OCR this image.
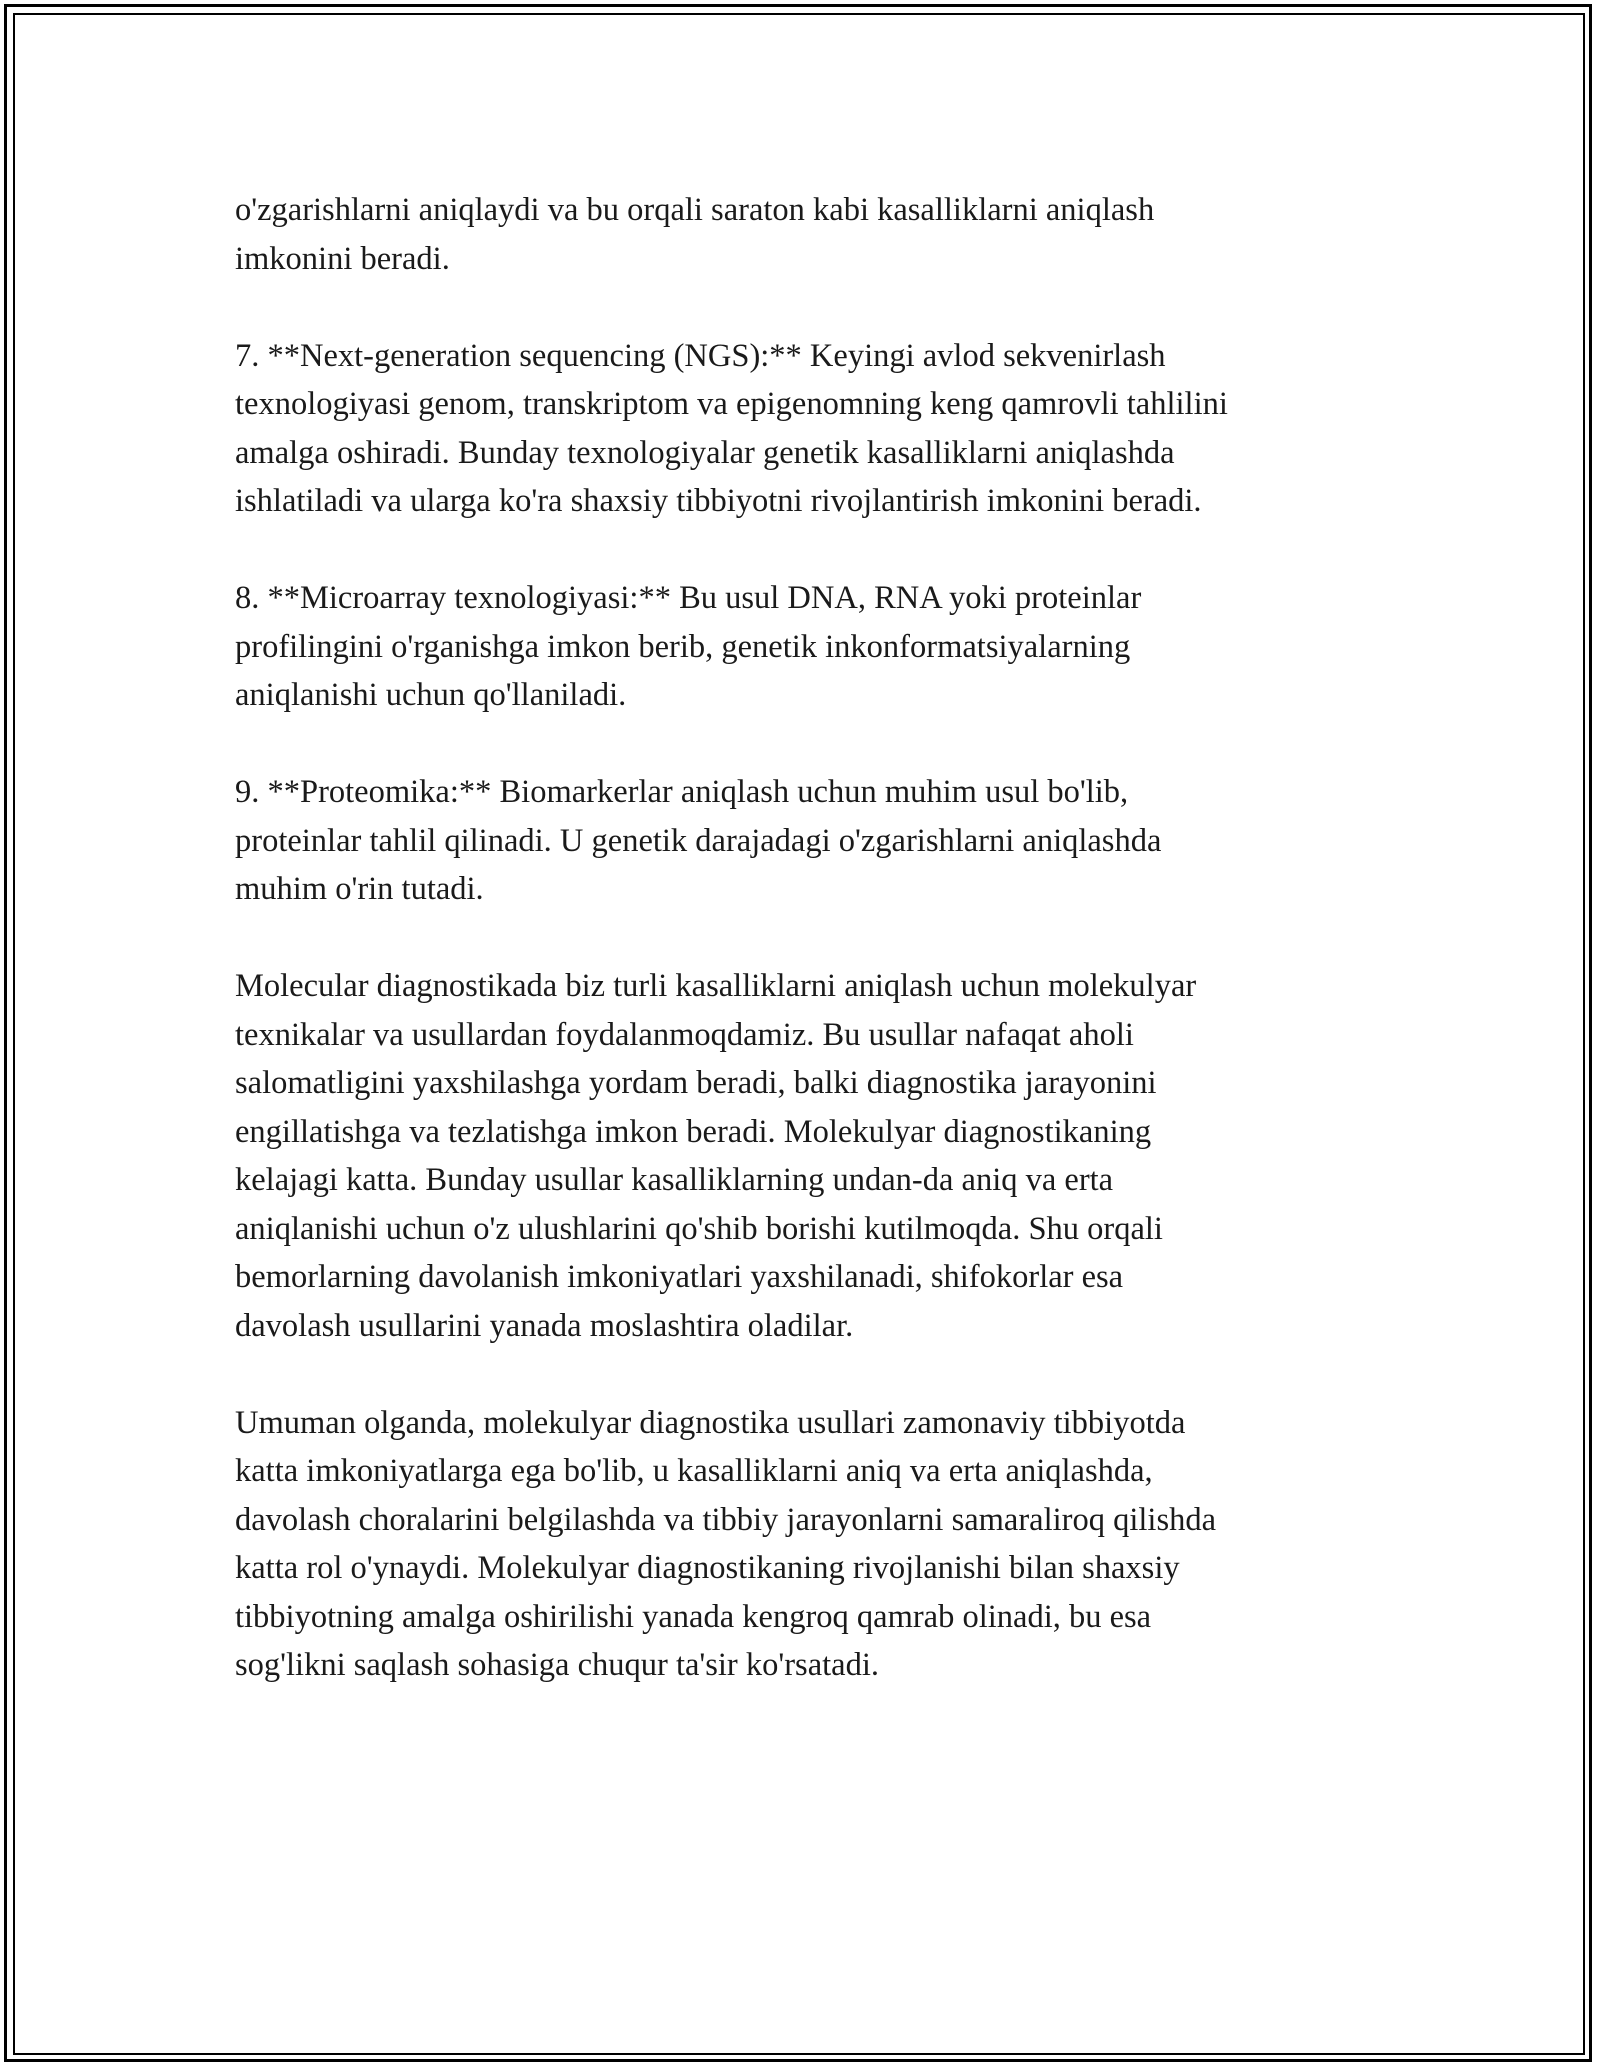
o'zgarishlarni aniqlaydi va bu orqali saraton kabi kasalliklarni aniqlash
imkonini beradi.

7. **Next-generation sequencing (NGS):** Keyingi avlod sekvenirlash
texnologiyasi genom, transkriptom va epigenomning keng qamrovli tahlilini
amalga oshiradi. Bunday texnologiyalar genetik kasalliklarni aniqlashda
ishlatiladi va ularga ko'ra shaxsiy tibbiyotni rivojlantirish imkonini beradi.

8. **Microarray texnologiyasi:** Bu usul DNA, RNA yoki proteinlar
profilingini o'rganishga imkon berib, genetik inkonformatsiyalarning
aniqlanishi uchun qo'llaniladi.

9. **Proteomika:** Biomarkerlar aniqlash uchun muhim usul bo'lib,
proteinlar tahlil qilinadi. U genetik darajadagi o'zgarishlarni aniqlashda
muhim o'rin tutadi.

Molecular diagnostikada biz turli kasalliklarni aniqlash uchun molekulyar
texnikalar va usullardan foydalanmoqdamiz. Bu usullar nafaqat aholi
salomatligini yaxshilashga yordam beradi, balki diagnostika jarayonini
engillatishga va tezlatishga imkon beradi. Molekulyar diagnostikaning
kelajagi katta. Bunday usullar kasalliklarning undan-da aniq va erta
aniqlanishi uchun o'z ulushlarini qo'shib borishi kutilmoqda. Shu orqali
bemorlarning davolanish imkoniyatlari yaxshilanadi, shifokorlar esa
davolash usullarini yanada moslashtira oladilar.

Umuman olganda, molekulyar diagnostika usullari zamonaviy tibbiyotda
katta imkoniyatlarga ega bo'lib, u kasalliklarni aniq va erta aniqlashda,
davolash choralarini belgilashda va tibbiy jarayonlarni samaraliroq qilishda
katta rol o'ynaydi. Molekulyar diagnostikaning rivojlanishi bilan shaxsiy
tibbiyotning amalga oshirilishi yanada kengroq qamrab olinadi, bu esa
sog'likni saqlash sohasiga chuqur ta'sir ko'rsatadi.
